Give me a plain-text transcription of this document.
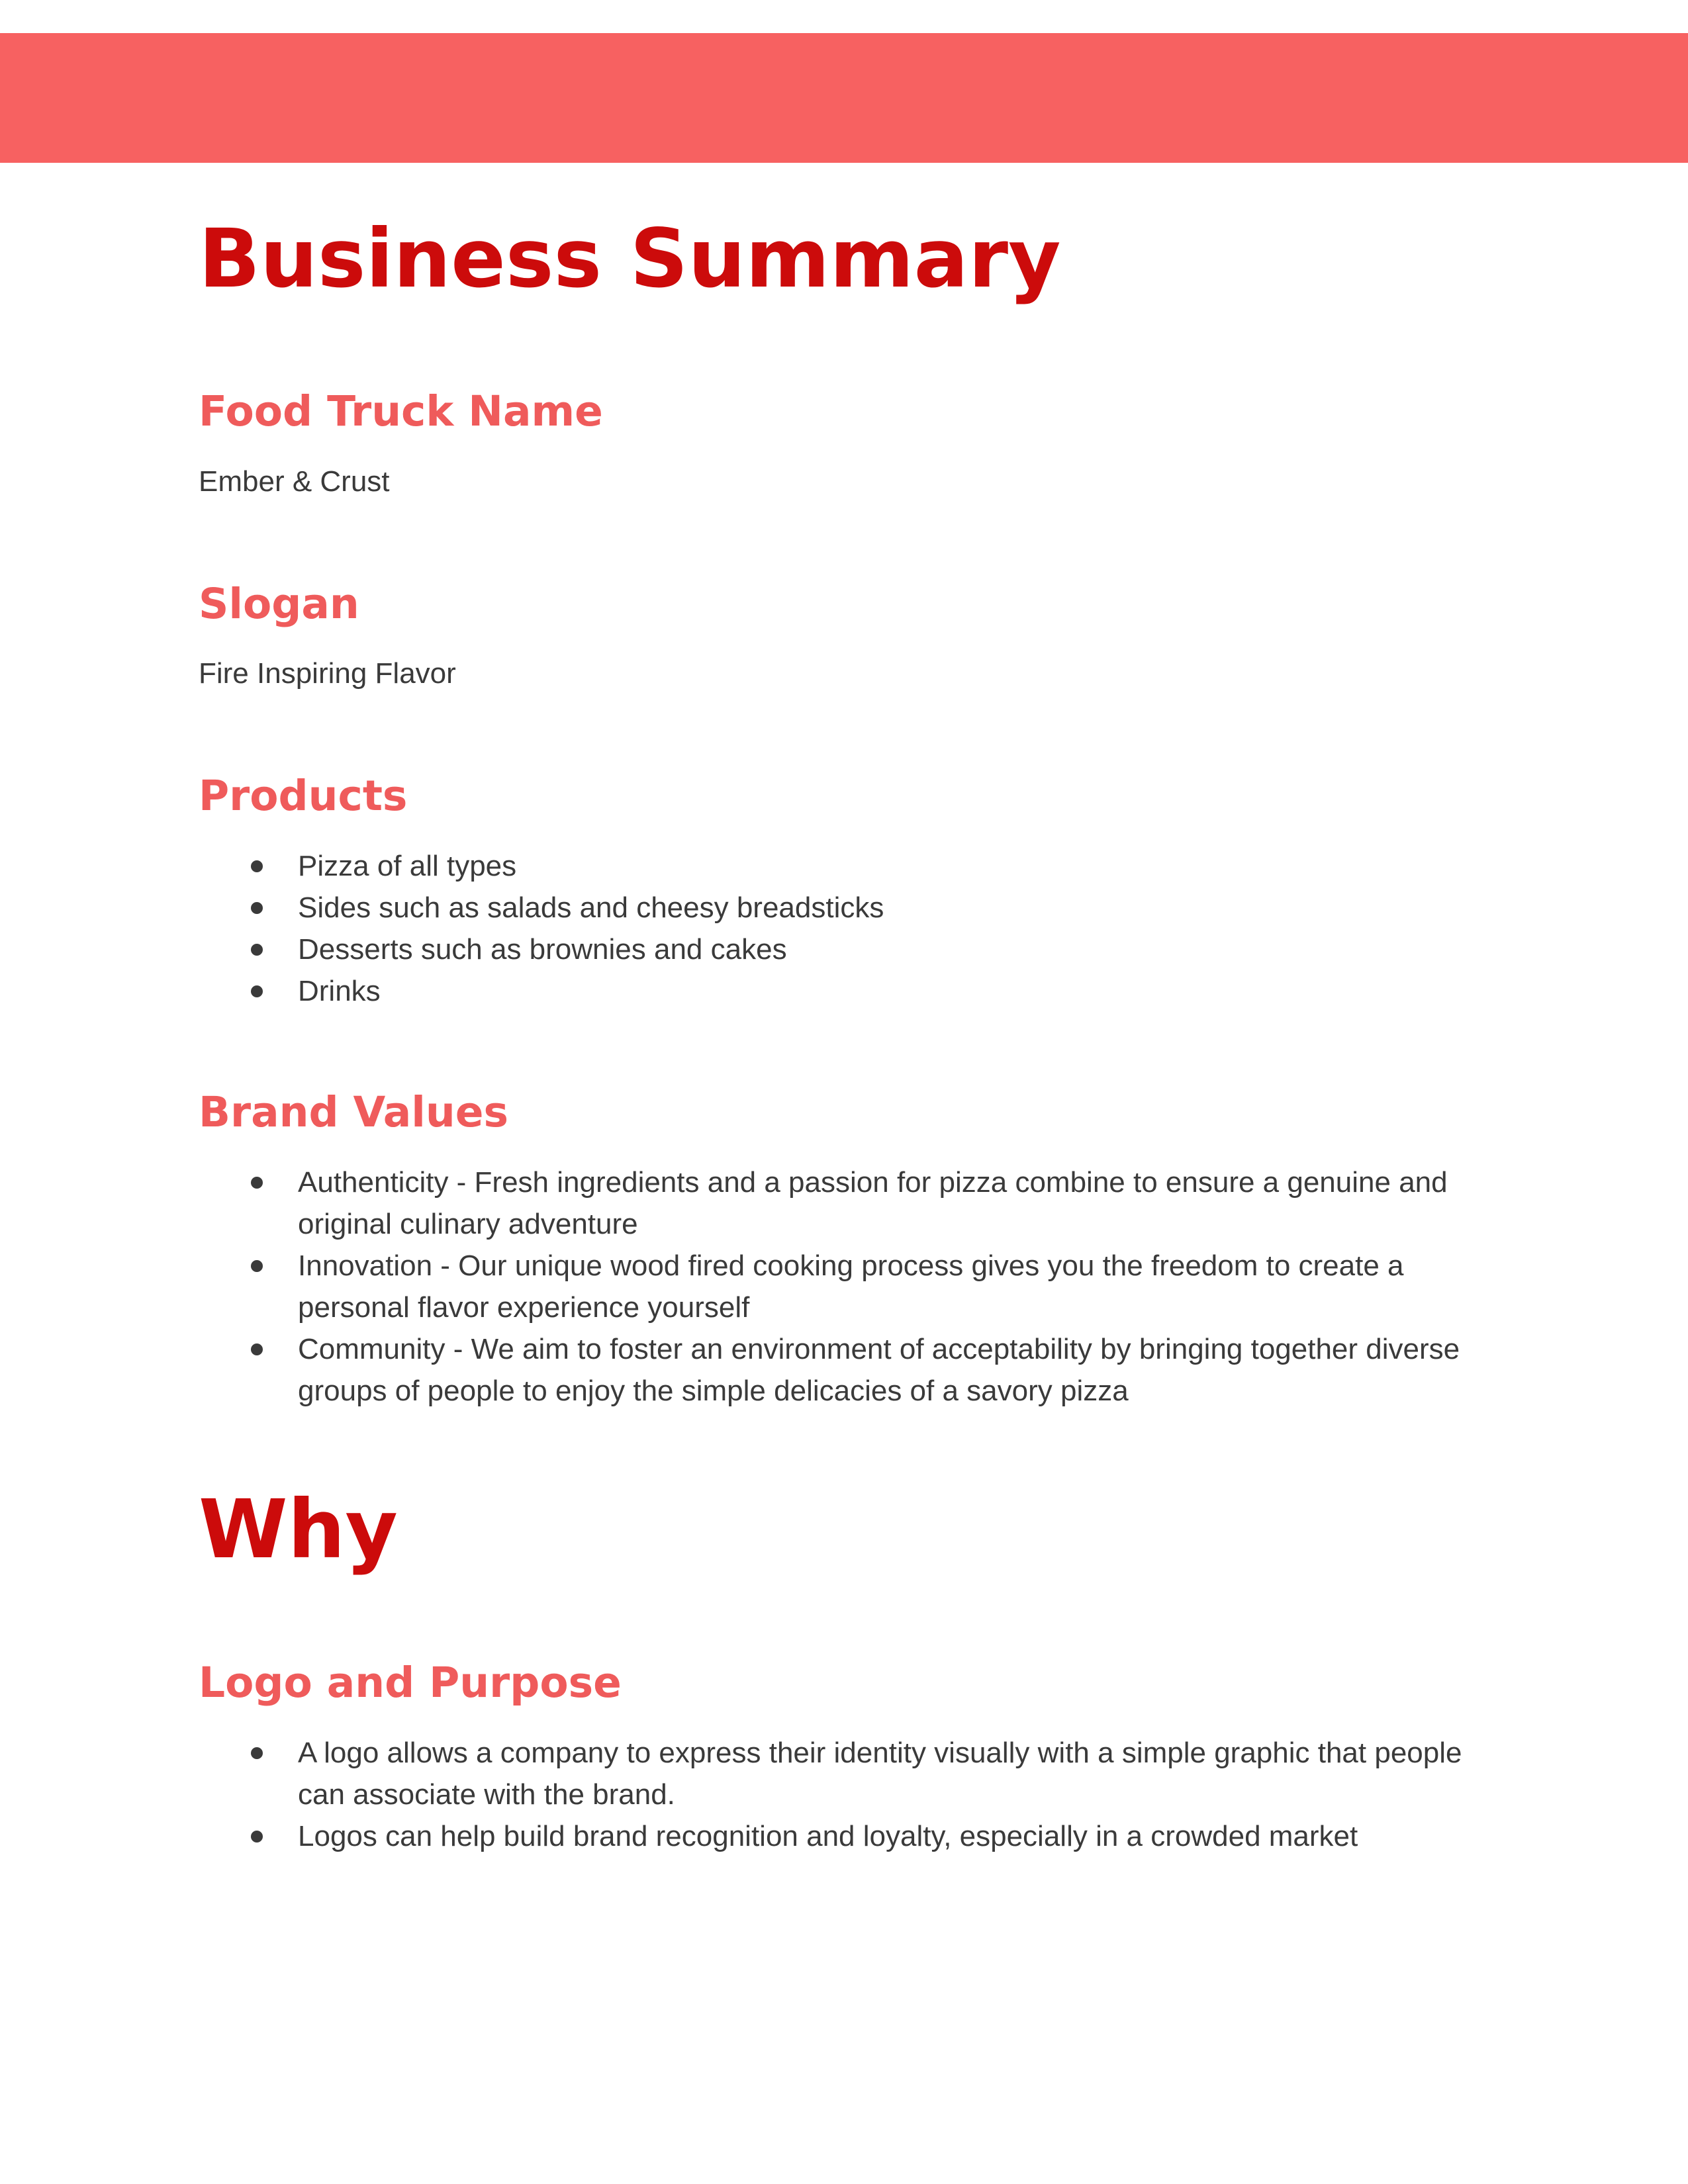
Business Summary
Food Truck Name

Ember & Crust

Slogan

Fire Inspiring Flavor

Products
Pizza of all types
Sides such as salads and cheesy breadsticks
Desserts such as brownies and cakes
Drinks
Brand Values
Authenticity - Fresh ingredients and a passion for pizza combine to ensure a genuine and original culinary adventure
Innovation - Our unique wood fired cooking process gives you the freedom to create a personal flavor experience yourself
Community - We aim to foster an environment of acceptability by bringing together diverse groups of people to enjoy the simple delicacies of a savory pizza
Why
Logo and Purpose
A logo allows a company to express their identity visually with a simple graphic that people can associate with the brand.
Logos can help build brand recognition and loyalty, especially in a crowded market
